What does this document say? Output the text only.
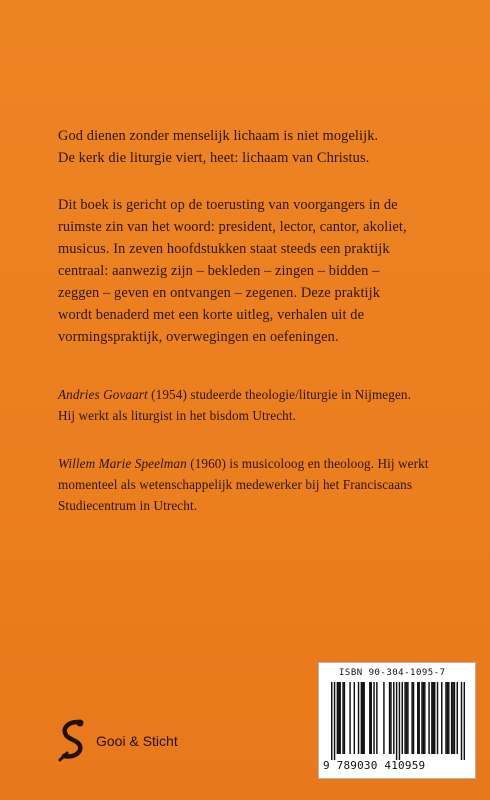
God dienen zonder menselijk lichaam is niet mogelijk.
De kerk die liturgie viert, heet: lichaam van Christus.
Dit boek is gericht op de toerusting van voorgangers in de
ruimste zin van het woord: president, lector, cantor, akoliet,
musicus. In zeven hoofdstukken staat steeds een praktijk
centraal: aanwezig zijn – bekleden – zingen – bidden –
zeggen – geven en ontvangen – zegenen. Deze praktijk
wordt benaderd met een korte uitleg, verhalen uit de
vormingspraktijk, overwegingen en oefeningen.
Andries Govaart (1954) studeerde theologie/liturgie in Nijmegen.
Hij werkt als liturgist in het bisdom Utrecht.
Willem Marie Speelman (1960) is musicoloog en theoloog. Hij werkt
momenteel als wetenschappelijk medewerker bij het Franciscaans
Studiecentrum in Utrecht.
Gooi & Sticht
ISBN 90-304-1095-7
9 789030 410959
